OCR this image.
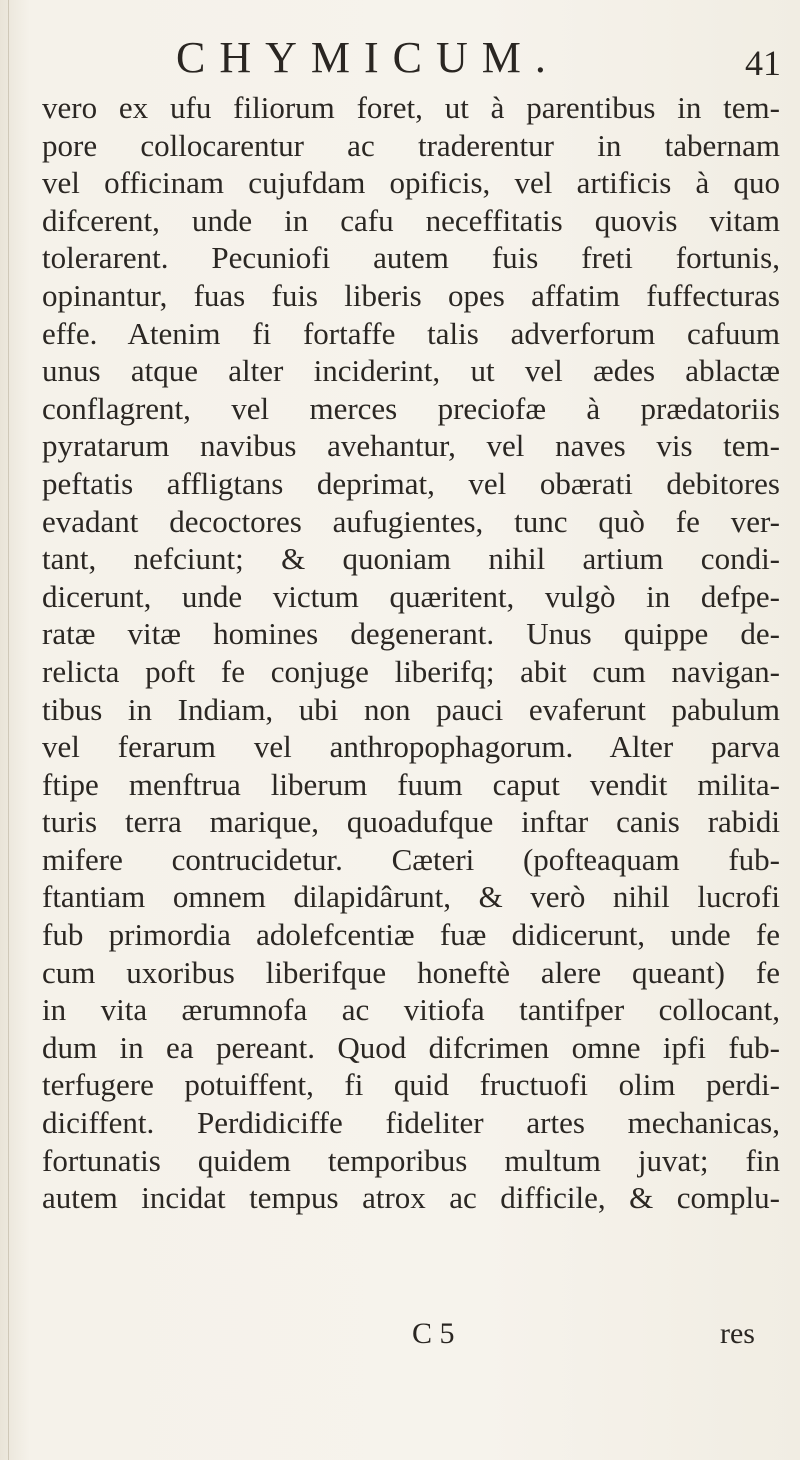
CHYMICUM.	41
vero ex ufu filiorum foret, ut à parentibus in tem-
pore collocarentur ac traderentur in tabernam
vel officinam cujufdam opificis, vel artificis à quo
difcerent, unde in cafu neceffitatis quovis vitam
tolerarent. Pecuniofi autem fuis freti fortunis,
opinantur, fuas fuis liberis opes affatim fuffecturas
effe. Atenim fi fortaffe talis adverforum cafuum
unus atque alter inciderint, ut vel ædes ablactæ
conflagrent, vel merces preciofæ à prædatoriis
pyratarum navibus avehantur, vel naves vis tem-
peftatis affligtans deprimat, vel obærati debitores
evadant decoctores aufugientes, tunc quò fe ver-
tant, nefciunt; & quoniam nihil artium condi-
dicerunt, unde victum quæritent, vulgò in defpe-
ratæ vitæ homines degenerant. Unus quippe de-
relicta poft fe conjuge liberifq; abit cum navigan-
tibus in Indiam, ubi non pauci evaferunt pabulum
vel ferarum vel anthropophagorum. Alter parva
ftipe menftrua liberum fuum caput vendit milita-
turis terra marique, quoadufque inftar canis rabidi
mifere contrucidetur. Cæteri (pofteaquam fub-
ftantiam omnem dilapidârunt, & verò nihil lucrofi
fub primordia adolefcentiæ fuæ didicerunt, unde fe
cum uxoribus liberifque honeftè alere queant) fe
in vita ærumnofa ac vitiofa tantifper collocant,
dum in ea pereant. Quod difcrimen omne ipfi fub-
terfugere potuiffent, fi quid fructuofi olim perdi-
diciffent. Perdidiciffe fideliter artes mechanicas,
fortunatis quidem temporibus multum juvat; fin
autem incidat tempus atrox ac difficile, & complu-
C 5	res
